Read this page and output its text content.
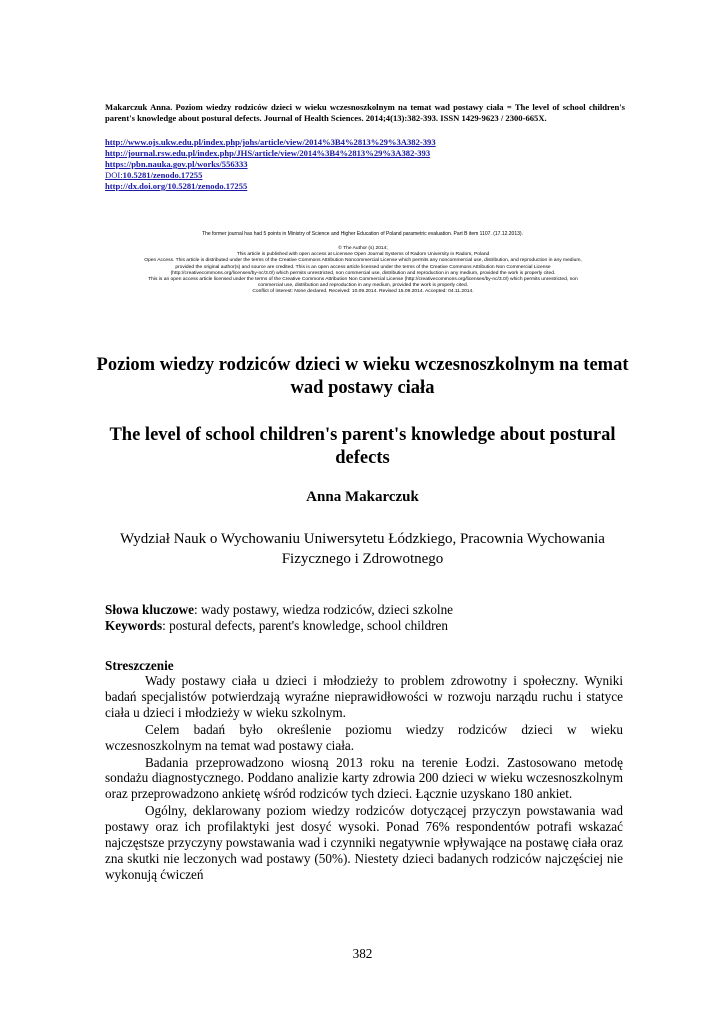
Makarczuk Anna. Poziom wiedzy rodziców dzieci w wieku wczesnoszkolnym na temat wad postawy ciała = The level of school children's parent's knowledge about postural defects. Journal of Health Sciences. 2014;4(13):382-393. ISSN 1429-9623 / 2300-665X.
http://www.ojs.ukw.edu.pl/index.php/johs/article/view/2014%3B4%2813%29%3A382-393
http://journal.rsw.edu.pl/index.php/JHS/article/view/2014%3B4%2813%29%3A382-393
https://pbn.nauka.gov.pl/works/556333
DOI:10.5281/zenodo.17255
http://dx.doi.org/10.5281/zenodo.17255
The former journal has had 5 points in Ministry of Science and Higher Education of Poland parametric evaluation. Part B item 1107. (17.12.2013).
© The Author (s) 2014;
This article is published with open access at Licensee Open Journal Systems of Radom University in Radom, Poland
Open Access. This article is distributed under the terms of the Creative Commons Attribution Noncommercial License which permits any noncommercial use, distribution, and reproduction in any medium,
provided the original author(s) and source are credited. This is an open access article licensed under the terms of the Creative Commons Attribution Non Commercial License
(http://creativecommons.org/licenses/by-nc/3.0/) which permits unrestricted, non commercial use, distribution and reproduction in any medium, provided the work is properly cited.
This is an open access article licensed under the terms of the Creative Commons Attribution Non Commercial License (http://creativecommons.org/licenses/by-nc/3.0/) which permits unrestricted, non
commercial use, distribution and reproduction in any medium, provided the work is properly cited.
Conflict of interest: None declared. Received: 10.09.2014. Revised 15.09.2014. Accepted: 04.11.2014.
Poziom wiedzy rodziców dzieci w wieku wczesnoszkolnym na temat wad postawy ciała
The level of school children's parent's knowledge about postural defects
Anna Makarczuk
Wydział Nauk o Wychowaniu Uniwersytetu Łódzkiego, Pracownia Wychowania Fizycznego i Zdrowotnego
Słowa kluczowe: wady postawy, wiedza rodziców, dzieci szkolne
Keywords: postural defects, parent's knowledge, school children
Streszczenie

Wady postawy ciała u dzieci i młodzieży to problem zdrowotny i społeczny. Wyniki badań specjalistów potwierdzają wyraźne nieprawidłowości w rozwoju narządu ruchu i statyce ciała u dzieci i młodzieży w wieku szkolnym.

Celem badań było określenie poziomu wiedzy rodziców dzieci w wieku wczesnoszkolnym na temat wad postawy ciała.

Badania przeprowadzono wiosną 2013 roku na terenie Łodzi. Zastosowano metodę sondażu diagnostycznego. Poddano analizie karty zdrowia 200 dzieci w wieku wczesnoszkolnym oraz przeprowadzono ankietę wśród rodziców tych dzieci. Łącznie uzyskano 180 ankiet.

Ogólny, deklarowany poziom wiedzy rodziców dotyczącej przyczyn powstawania wad postawy oraz ich profilaktyki jest dosyć wysoki. Ponad 76% respondentów potrafi wskazać najczęstsze przyczyny powstawania wad i czynniki negatywnie wpływające na postawę ciała oraz zna skutki nie leczonych wad postawy (50%). Niestety dzieci badanych rodziców najczęściej nie wykonują ćwiczeń

382
